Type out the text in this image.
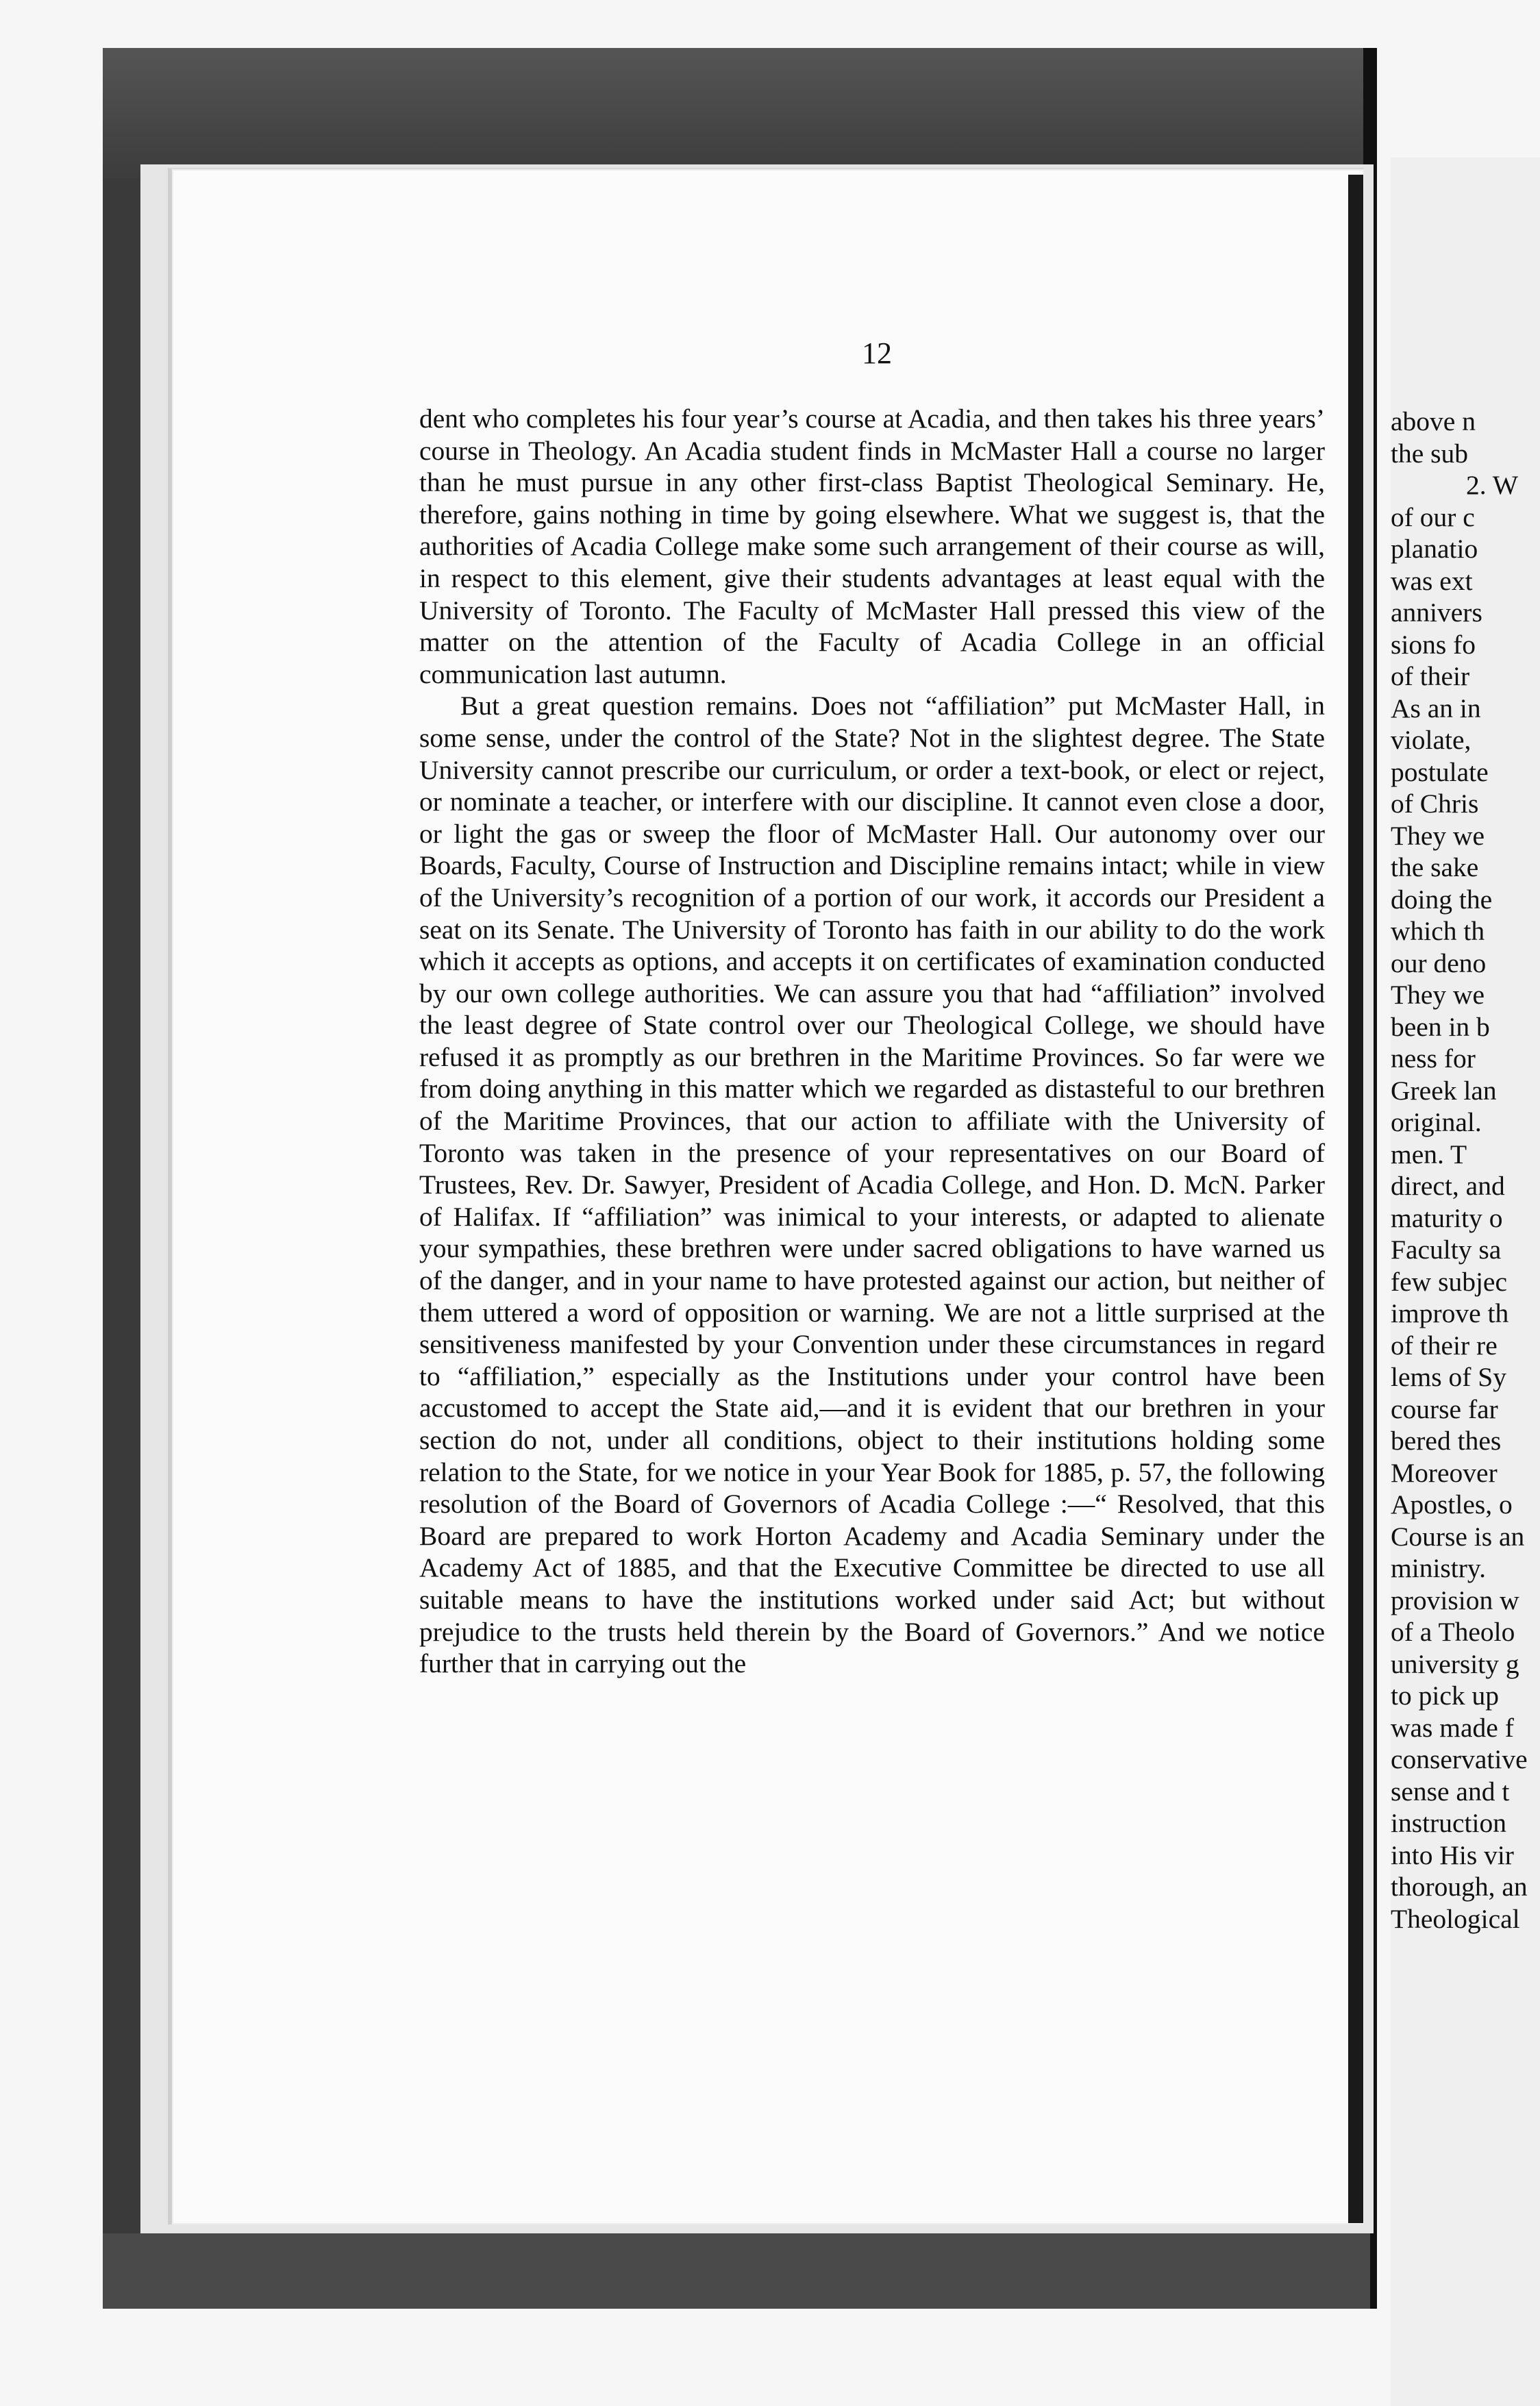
12

dent who completes his four year’s course at Acadia, and then takes his three years’ course in Theology. An Acadia student finds in McMaster Hall a course no larger than he must pursue in any other first-class Baptist Theological Seminary. He, therefore, gains nothing in time by going elsewhere. What we suggest is, that the authorities of Acadia College make some such arrangement of their course as will, in respect to this element, give their students advantages at least equal with the University of Toronto. The Faculty of McMaster Hall pressed this view of the matter on the attention of the Faculty of Acadia College in an official communication last autumn.

But a great question remains. Does not “affiliation” put McMaster Hall, in some sense, under the control of the State? Not in the slightest degree. The State University cannot prescribe our curriculum, or order a text-book, or elect or reject, or nominate a teacher, or interfere with our discipline. It cannot even close a door, or light the gas or sweep the floor of McMaster Hall. Our autonomy over our Boards, Faculty, Course of Instruction and Discipline remains intact; while in view of the University’s recognition of a portion of our work, it accords our President a seat on its Senate. The University of Toronto has faith in our ability to do the work which it accepts as options, and accepts it on certificates of examination conducted by our own college authorities. We can assure you that had “affiliation” involved the least degree of State control over our Theological College, we should have refused it as promptly as our brethren in the Maritime Provinces. So far were we from doing anything in this matter which we regarded as distasteful to our brethren of the Maritime Provinces, that our action to affiliate with the University of Toronto was taken in the presence of your representatives on our Board of Trustees, Rev. Dr. Sawyer, President of Acadia College, and Hon. D. McN. Parker of Halifax. If “affiliation” was inimical to your interests, or adapted to alienate your sympathies, these brethren were under sacred obligations to have warned us of the danger, and in your name to have protested against our action, but neither of them uttered a word of opposition or warning. We are not a little surprised at the sensitiveness manifested by your Convention under these circumstances in regard to “affiliation,” especially as the Institutions under your control have been accustomed to accept the State aid,—and it is evident that our brethren in your section do not, under all conditions, object to their institutions holding some relation to the State, for we notice in your Year Book for 1885, p. 57, the following resolution of the Board of Governors of Acadia College :—“ Resolved, that this Board are prepared to work Horton Academy and Acadia Seminary under the Academy Act of 1885, and that the Executive Committee be directed to use all suitable means to have the institutions worked under said Act; but without prejudice to the trusts held therein by the Board of Governors.” And we notice further that in carrying out the

above n
the sub
2. W
of our c
planatio
was ext
annivers
sions fo
of their
As an in
violate,
postulate
of Chris
They we
the sake
doing the
which th
our deno
They we
been in b
ness for
Greek lan
original.
men. T
direct, and
maturity o
Faculty sa
few subjec
improve th
of their re
lems of Sy
course far
bered thes
Moreover
Apostles, o
Course is an
ministry.
provision w
of a Theolo
university g
to pick up
was made f
conservative
sense and t
instruction
into His vir
thorough, an
Theological
